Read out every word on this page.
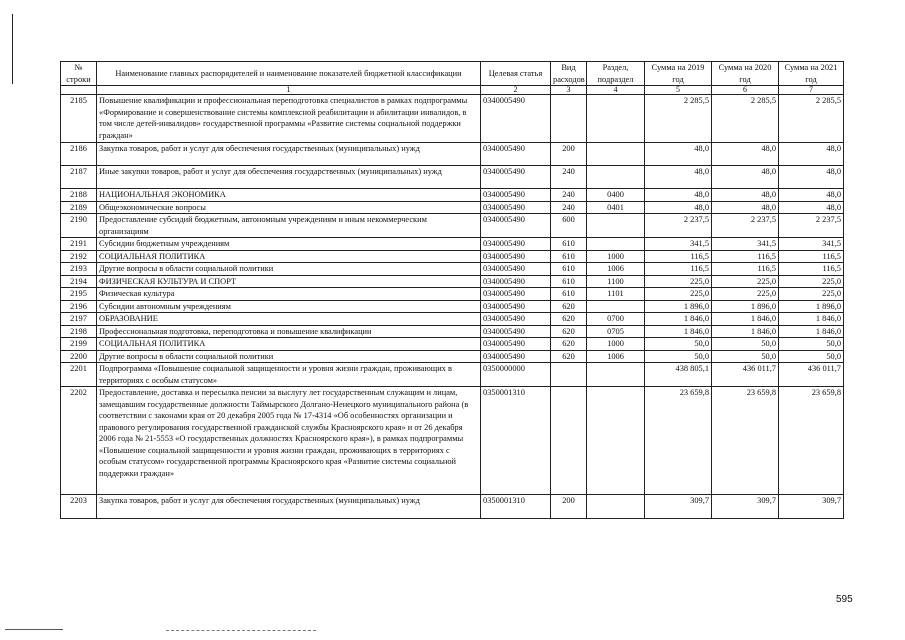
№ строки	Наименование главных распорядителей и наименование показателей бюджетной классификации	Целевая статья	Вид расходов	Раздел, подраздел	Сумма на 2019 год	Сумма на 2020 год	Сумма на 2021 год
	1	2	3	4	5	6	7
2185	Повышение квалификации и профессиональная переподготовка специалистов в рамках подпрограммы «Формирование и совершенствование системы комплексной реабилитации и абилитации инвалидов, в том числе детей-инвалидов» государственной программы «Развитие системы социальной поддержки граждан»	0340005490			2 285,5	2 285,5	2 285,5
2186	Закупка товаров, работ и услуг для обеспечения государственных (муниципальных) нужд	0340005490	200		48,0	48,0	48,0
2187	Иные закупки товаров, работ и услуг для обеспечения государственных (муниципальных) нужд	0340005490	240		48,0	48,0	48,0
2188	НАЦИОНАЛЬНАЯ ЭКОНОМИКА	0340005490	240	0400	48,0	48,0	48,0
2189	Общеэкономические вопросы	0340005490	240	0401	48,0	48,0	48,0
2190	Предоставление субсидий бюджетным, автономным учреждениям и иным некоммерческим организациям	0340005490	600		2 237,5	2 237,5	2 237,5
2191	Субсидии бюджетным учреждениям	0340005490	610		341,5	341,5	341,5
2192	СОЦИАЛЬНАЯ ПОЛИТИКА	0340005490	610	1000	116,5	116,5	116,5
2193	Другие вопросы в области социальной политики	0340005490	610	1006	116,5	116,5	116,5
2194	ФИЗИЧЕСКАЯ КУЛЬТУРА И СПОРТ	0340005490	610	1100	225,0	225,0	225,0
2195	Физическая культура	0340005490	610	1101	225,0	225,0	225,0
2196	Субсидии автономным учреждениям	0340005490	620		1 896,0	1 896,0	1 896,0
2197	ОБРАЗОВАНИЕ	0340005490	620	0700	1 846,0	1 846,0	1 846,0
2198	Профессиональная подготовка, переподготовка и повышение квалификации	0340005490	620	0705	1 846,0	1 846,0	1 846,0
2199	СОЦИАЛЬНАЯ ПОЛИТИКА	0340005490	620	1000	50,0	50,0	50,0
2200	Другие вопросы в области социальной политики	0340005490	620	1006	50,0	50,0	50,0
2201	Подпрограмма «Повышение социальной защищенности и уровня жизни граждан, проживающих в территориях с особым статусом»	0350000000			438 805,1	436 011,7	436 011,7
2202	Предоставление, доставка и пересылка пенсии за выслугу лет государственным служащим и лицам, замещавшим государственные должности Таймырского Долгано-Ненецкого муниципального района (в соответствии с законами края от 20 декабря 2005 года № 17-4314 «Об особенностях организации и правового регулирования государственной гражданской службы Красноярского края» и от 26 декабря 2006 года № 21-5553 «О государственных должностях Красноярского края»), в рамках подпрограммы «Повышение социальной защищенности и уровня жизни граждан, проживающих в территориях с особым статусом» государственной программы Красноярского края «Развитие системы социальной поддержки граждан»	0350001310			23 659,8	23 659,8	23 659,8
2203	Закупка товаров, работ и услуг для обеспечения государственных (муниципальных) нужд	0350001310	200		309,7	309,7	309,7
595
